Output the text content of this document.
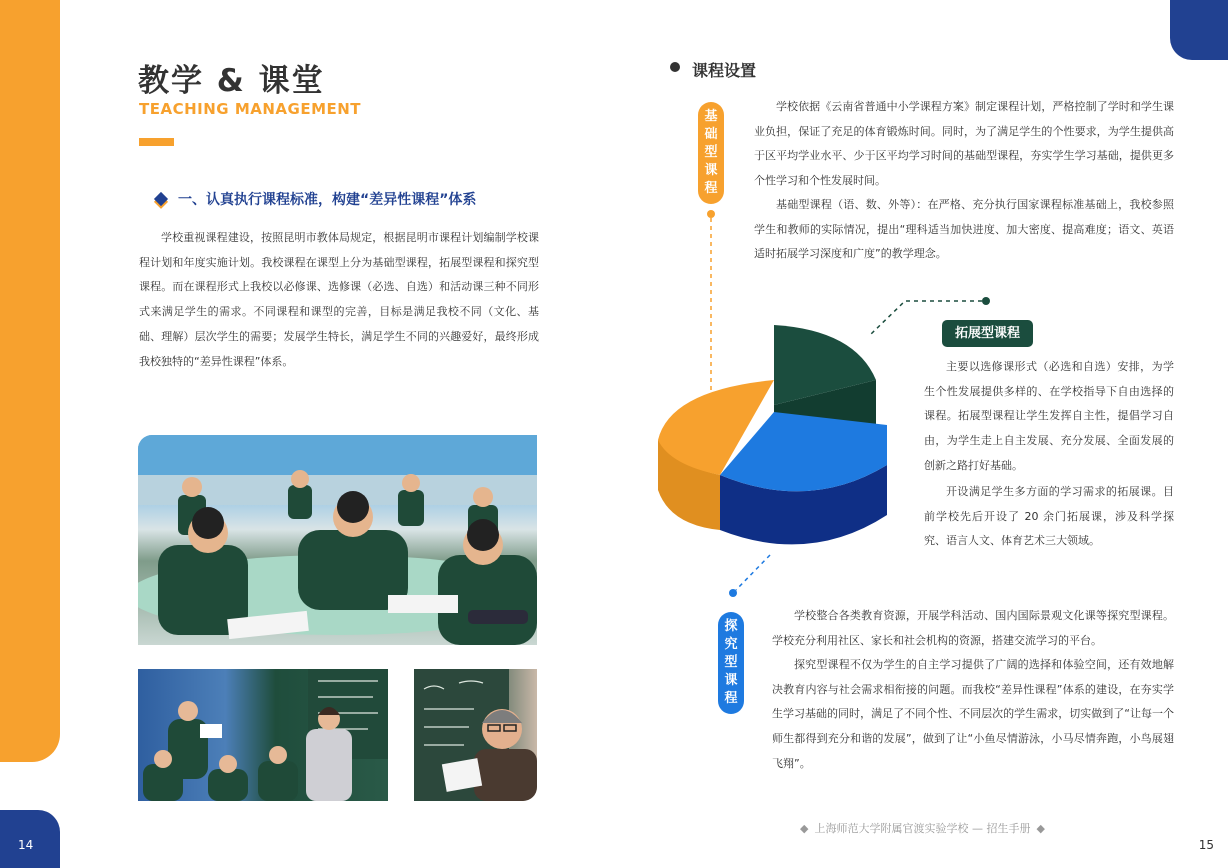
14	15
教学 & 课堂
TEACHING MANAGEMENT
一、认真执行课程标准，构建“差异性课程”体系

学校重视课程建设，按照昆明市教体局规定，根据昆明市课程计划编制学校课程计划和年度实施计划。我校课程在课型上分为基础型课程，拓展型课程和探究型课程。而在课程形式上我校以必修课、选修课（必选、自选）和活动课三种不同形式来满足学生的需求。不同课程和课型的完善，目标是满足我校不同（文化、基础、理解）层次学生的需要；发展学生特长，满足学生不同的兴趣爱好，最终形成我校独特的“差异性课程”体系。

课程设置
基
础
型
课
程

学校依据《云南省普通中小学课程方案》制定课程计划，严格控制了学时和学生课业负担，保证了充足的体育锻炼时间。同时，为了满足学生的个性要求，为学生提供高于区平均学业水平、少于区平均学习时间的基础型课程，夯实学生学习基础，提供更多个性学习和个性发展时间。

基础型课程（语、数、外等）：在严格、充分执行国家课程标准基础上，我校参照学生和教师的实际情况，提出“理科适当加快进度、加大密度、提高难度；语文、英语适时拓展学习深度和广度”的教学理念。

拓展型课程

主要以选修课形式（必选和自选）安排，为学生个性发展提供多样的、在学校指导下自由选择的课程。拓展型课程让学生发挥自主性，提倡学习自由，为学生走上自主发展、充分发展、全面发展的创新之路打好基础。

开设满足学生多方面的学习需求的拓展课。目前学校先后开设了 20 余门拓展课，涉及科学探究、语言人文、体育艺术三大领域。

探
究
型
课
程

学校整合各类教育资源，开展学科活动、国内国际景观文化课等探究型课程。学校充分利用社区、家长和社会机构的资源，搭建交流学习的平台。

探究型课程不仅为学生的自主学习提供了广阔的选择和体验空间，还有效地解决教育内容与社会需求相衔接的问题。而我校“差异性课程”体系的建设，在夯实学生学习基础的同时，满足了不同个性、不同层次的学生需求，切实做到了“让每一个师生都得到充分和谐的发展”，做到了让“小鱼尽情游泳，小马尽情奔跑，小鸟展翅飞翔”。

◆ 上海师范大学附属官渡实验学校 — 招生手册 ◆
